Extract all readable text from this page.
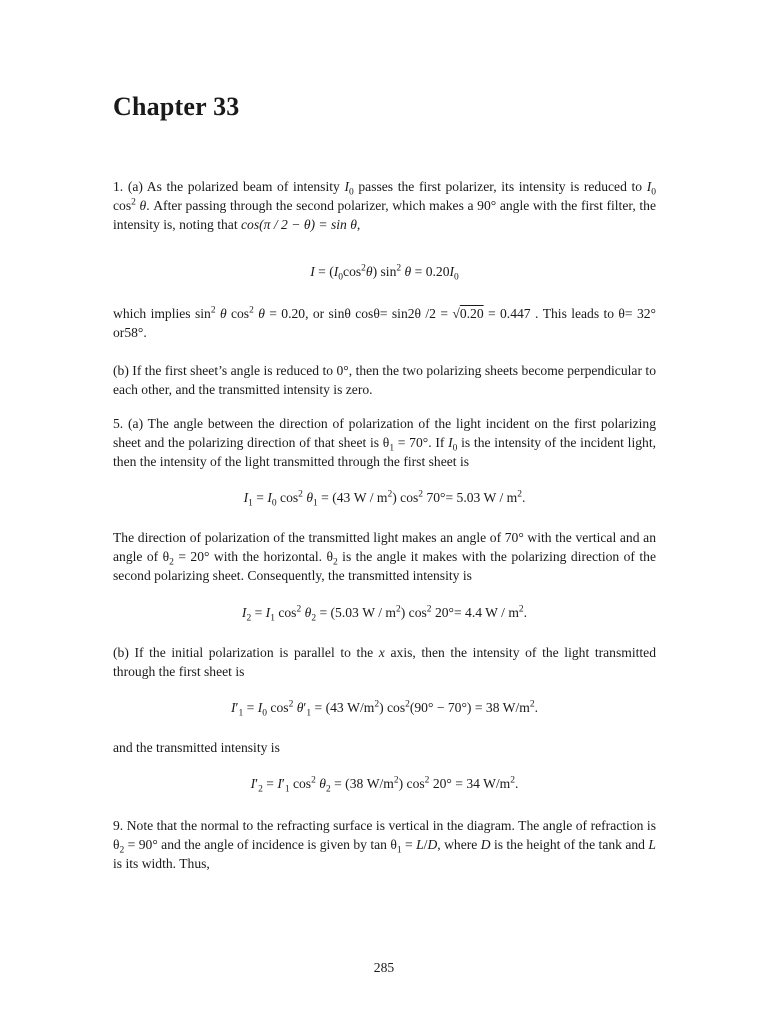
Chapter 33
1. (a) As the polarized beam of intensity $I_0$ passes the first polarizer, its intensity is reduced to $I_0$ $\cos^2 \theta$. After passing through the second polarizer, which makes a 90° angle with the first filter, the intensity is, noting that cos(π / 2 − θ) = sin θ,
$I = (I_0\cos^2\theta)$ $\sin^2 \theta = 0.20I_0$
which implies $\sin^2 \theta$ $\cos^2 \theta = 0.20$, or sinθ cosθ= sin2θ /2 = √0.20 = 0.447 . This leads to θ= 32° or58°.
(b) If the first sheet’s angle is reduced to 0°, then the two polarizing sheets become perpendicular to each other, and the transmitted intensity is zero.
5. (a) The angle between the direction of polarization of the light incident on the first polarizing sheet and the polarizing direction of that sheet is $\theta_1 = 70^\circ$. If $I_0$ is the intensity of the incident light, then the intensity of the light transmitted through the first sheet is
$I_1 = I_0$ $\cos^2 \theta_1 = (43$ W / $m^2$) $\cos^2 70^\circ= 5.03$ W / $m^2$.
The direction of polarization of the transmitted light makes an angle of 70° with the vertical and an angle of $\theta_2 = 20^\circ$ with the horizontal. $\theta_2$ is the angle it makes with the polarizing direction of the second polarizing sheet. Consequently, the transmitted intensity is
$I_2 = I_1$ $\cos^2 \theta_2 = (5.03$ W / $m^2$) $\cos^2 20^\circ= 4.4$ W / $m^2$.
(b) If the initial polarization is parallel to the x axis, then the intensity of the light transmitted through the first sheet is
$I'_1 = I_0$ $\cos^2 \theta'_1 = (43$ $W/m^2$) $\cos^2(90^\circ - 70^\circ) = 38$ $W/m^2$.
and the transmitted intensity is
$I'_2 = I'_1$ $\cos^2 \theta_2 = (38$ $W/m^2$) $\cos^2 20^\circ = 34$ $W/m^2$.
9. Note that the normal to the refracting surface is vertical in the diagram. The angle of refraction is $\theta_2 = 90^\circ$ and the angle of incidence is given by $\tan \theta_1 = L/D$, where D is the height of the tank and L is its width. Thus,
285
